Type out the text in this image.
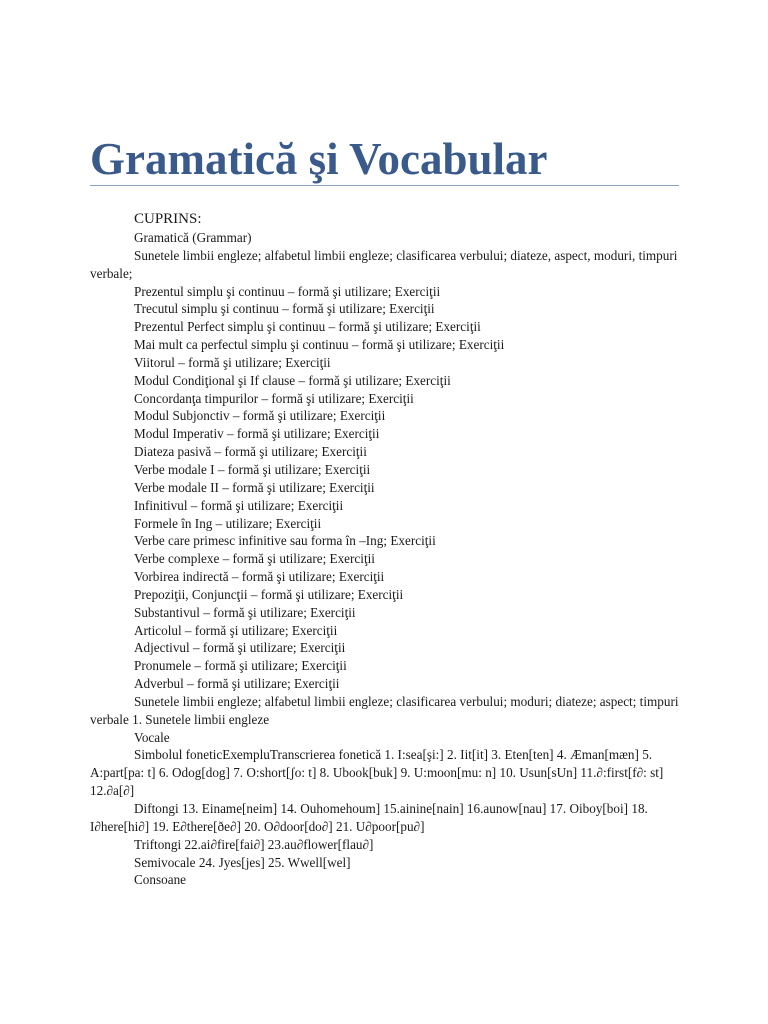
Gramatică şi Vocabular
CUPRINS:
Gramatică (Grammar)
Sunetele limbii engleze; alfabetul limbii engleze; clasificarea verbului; diateze, aspect, moduri, timpuri verbale;
Prezentul simplu şi continuu – formă şi utilizare; Exerciţii
Trecutul simplu şi continuu – formă şi utilizare; Exerciţii
Prezentul Perfect simplu şi continuu – formă şi utilizare; Exerciţii
Mai mult ca perfectul simplu şi continuu – formă şi utilizare; Exerciţii
Viitorul – formă şi utilizare; Exerciţii
Modul Condiţional şi If clause – formă şi utilizare; Exerciţii
Concordanţa timpurilor – formă şi utilizare; Exerciţii
Modul Subjonctiv – formă şi utilizare; Exerciţii
Modul Imperativ – formă şi utilizare; Exerciţii
Diateza pasivă – formă şi utilizare; Exerciţii
Verbe modale I – formă şi utilizare; Exerciţii
Verbe modale II – formă şi utilizare; Exerciţii
Infinitivul – formă şi utilizare; Exerciţii
Formele în Ing – utilizare; Exerciţii
Verbe care primesc infinitive sau forma în –Ing; Exerciţii
Verbe complexe – formă şi utilizare; Exerciţii
Vorbirea indirectă – formă şi utilizare; Exerciţii
Prepoziţii, Conjuncţii – formă şi utilizare; Exerciţii
Substantivul – formă şi utilizare; Exerciţii
Articolul – formă şi utilizare; Exerciţii
Adjectivul – formă şi utilizare; Exerciţii
Pronumele – formă şi utilizare; Exerciţii
Adverbul – formă şi utilizare; Exerciţii
Sunetele limbii engleze; alfabetul limbii engleze; clasificarea verbului; moduri; diateze; aspect; timpuri verbale 1. Sunetele limbii engleze
Vocale
Simbolul foneticExempluTranscrierea fonetică 1. I:sea[şi:] 2. Iit[it] 3. Eten[ten] 4. Æman[mæn] 5. A:part[pa: t] 6. Odog[dog] 7. O:short[ʃo: t] 8. Ubook[buk] 9. U:moon[mu: n] 10. Usun[sUn] 11.∂:first[f∂: st] 12.∂a[∂]
Diftongi 13. Einame[neim] 14. Ouhomehoum] 15.ainine[nain] 16.aunow[nau] 17. Oiboy[boi] 18. I∂here[hi∂] 19. E∂there[ðe∂] 20. O∂door[do∂] 21. U∂poor[pu∂]
Triftongi 22.ai∂fire[fai∂] 23.au∂flower[flau∂]
Semivocale 24. Jyes[jes] 25. Wwell[wel]
Consoane
